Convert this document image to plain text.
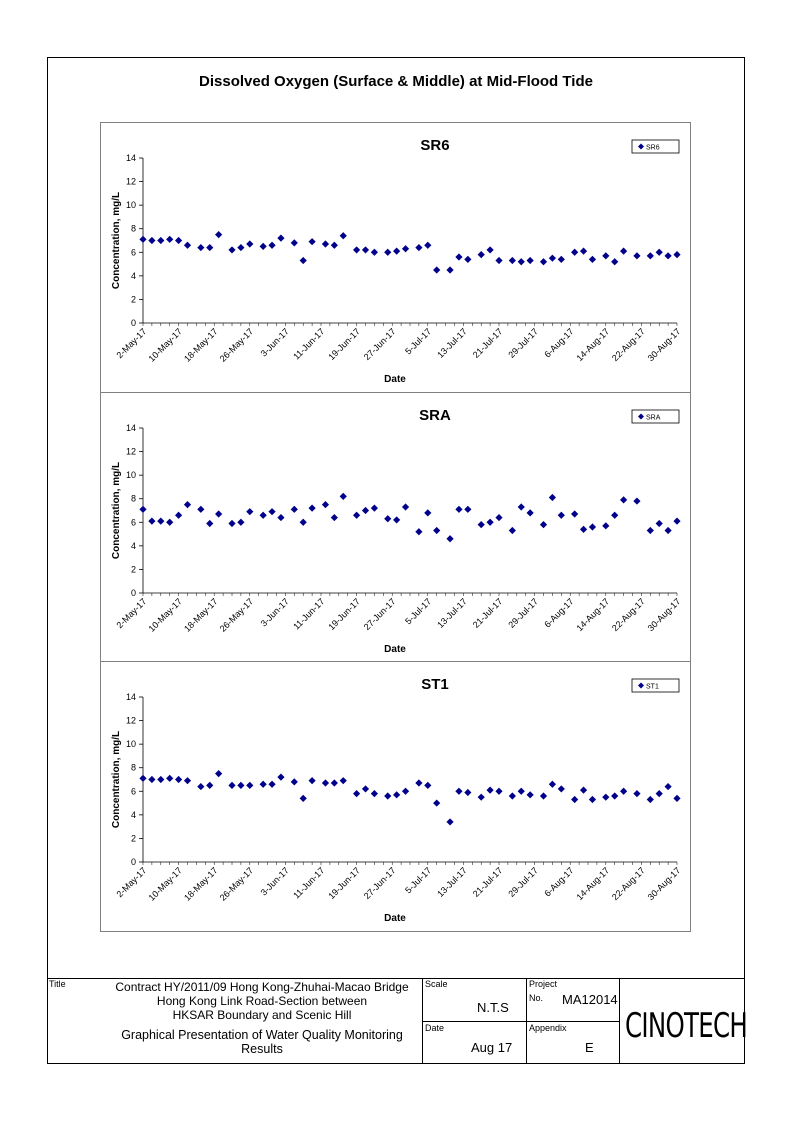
Dissolved Oxygen (Surface & Middle) at Mid-Flood Tide
SR6	SR6
0
2
4
6
8
10
12
14
Concentration, mg/L
2-May-17
10-May-17
18-May-17
26-May-17 3-Jun-17 11-Jun-17 19-Jun-17 27-Jun-17 5-Jul-17 13-Jul-17 21-Jul-17 29-Jul-17 6-Aug-17
14-Aug-17
22-Aug-17
30-Aug-17
Date
SRA	SRA
0
2
4
6
8
10
12
14
Concentration, mg/L
2-May-17
10-May-17
18-May-17
26-May-17 3-Jun-17 11-Jun-17 19-Jun-17 27-Jun-17 5-Jul-17 13-Jul-17 21-Jul-17 29-Jul-17 6-Aug-17
14-Aug-17
22-Aug-17
30-Aug-17
Date
ST1	ST1
0
2
4
6
8
10
12
14
Concentration, mg/L
2-May-17
10-May-17
18-May-17
26-May-17 3-Jun-17 11-Jun-17 19-Jun-17 27-Jun-17 5-Jul-17 13-Jul-17 21-Jul-17 29-Jul-17 6-Aug-17
14-Aug-17
22-Aug-17
30-Aug-17
Date
Title	Contract HY/2011/09 Hong Kong-Zhuhai-Macao Bridge
Hong Kong Link Road-Section between
HKSAR Boundary and Scenic Hill
Graphical Presentation of Water Quality Monitoring
Results
Scale
N.T.S
Date
Aug 17
Project
No. MA12014
Appendix
E
CINOTECH
